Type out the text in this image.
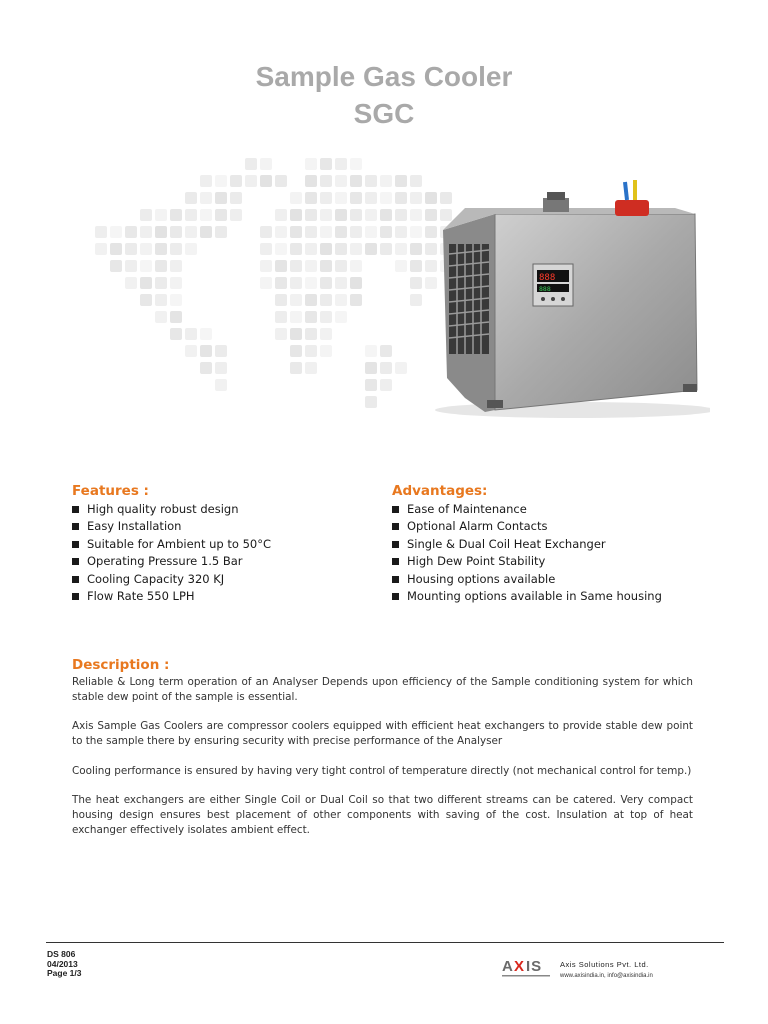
Sample Gas Cooler
SGC
888
888
Features :
High quality robust design
Easy Installation
Suitable for Ambient up to 50°C
Operating Pressure 1.5 Bar
Cooling Capacity 320 KJ
Flow Rate 550 LPH
Advantages:
Ease of Maintenance
Optional Alarm Contacts
Single & Dual Coil Heat Exchanger
High Dew Point Stability
Housing options available
Mounting options available in Same housing
Description :

Reliable & Long term operation of an Analyser Depends upon efficiency of the Sample conditioning system for which stable dew point of the sample is essential.

Axis Sample Gas Coolers are compressor coolers equipped with efficient heat exchangers to provide stable dew point to the sample there by ensuring security with precise performance of the Analyser

Cooling performance is ensured by having very tight control of temperature directly (not mechanical control for temp.)

The heat exchangers are either Single Coil or Dual Coil so that two different streams can be catered. Very compact housing design ensures best placement of other components with saving of the cost. Insulation at top of heat exchanger effectively isolates ambient effect.

DS 806
04/2013
Page 1/3	A X IS Axis Solutions Pvt. Ltd.
www.axisindia.in, info@axisindia.in
